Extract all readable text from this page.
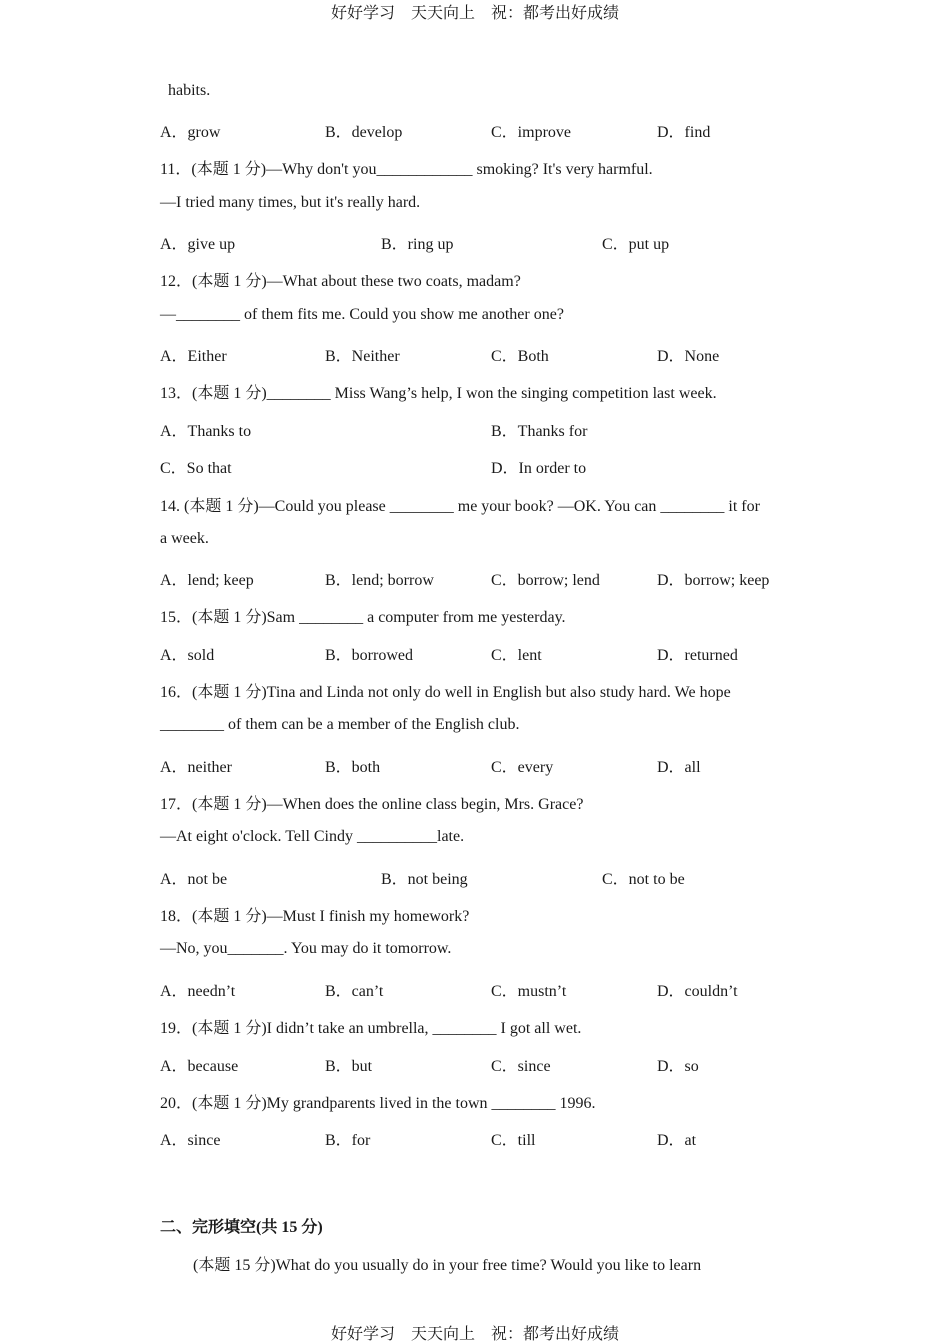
好好学习　天天向上　祝：都考出好成绩
habits.
A．grow	B．develop	C．improve	D．find
11．(本题 1 分)—Why don't you____________ smoking? It's very harmful.
—I tried many times, but it's really hard.
A．give up	B．ring up	C．put up
12．(本题 1 分)—What about these two coats, madam?
—________ of them fits me. Could you show me another one?
A．Either	B．Neither	C．Both	D．None
13．(本题 1 分)________ Miss Wang’s help, I won the singing competition last week.
A．Thanks to	B．Thanks for
C．So that	D．In order to
14. (本题 1 分)—Could you please ________ me your book? —OK. You can ________ it for
a week.
A．lend; keep	B．lend; borrow	C．borrow; lend	D．borrow; keep
15．(本题 1 分)Sam ________ a computer from me yesterday.
A．sold	B．borrowed	C．lent	D．returned
16．(本题 1 分)Tina and Linda not only do well in English but also study hard. We hope
________ of them can be a member of the English club.
A．neither	B．both	C．every	D．all
17．(本题 1 分)—When does the online class begin, Mrs. Grace?
—At eight o'clock. Tell Cindy __________late.
A．not be	B．not being	C．not to be
18．(本题 1 分)—Must I finish my homework?
—No, you_______. You may do it tomorrow.
A．needn’t	B．can’t	C．mustn’t	D．couldn’t
19．(本题 1 分)I didn’t take an umbrella, ________ I got all wet.
A．because	B．but	C．since	D．so
20．(本题 1 分)My grandparents lived in the town ________ 1996.
A．since	B．for	C．till	D．at
二、完形填空(共 15 分)
(本题 15 分)What do you usually do in your free time? Would you like to learn
好好学习　天天向上　祝：都考出好成绩
